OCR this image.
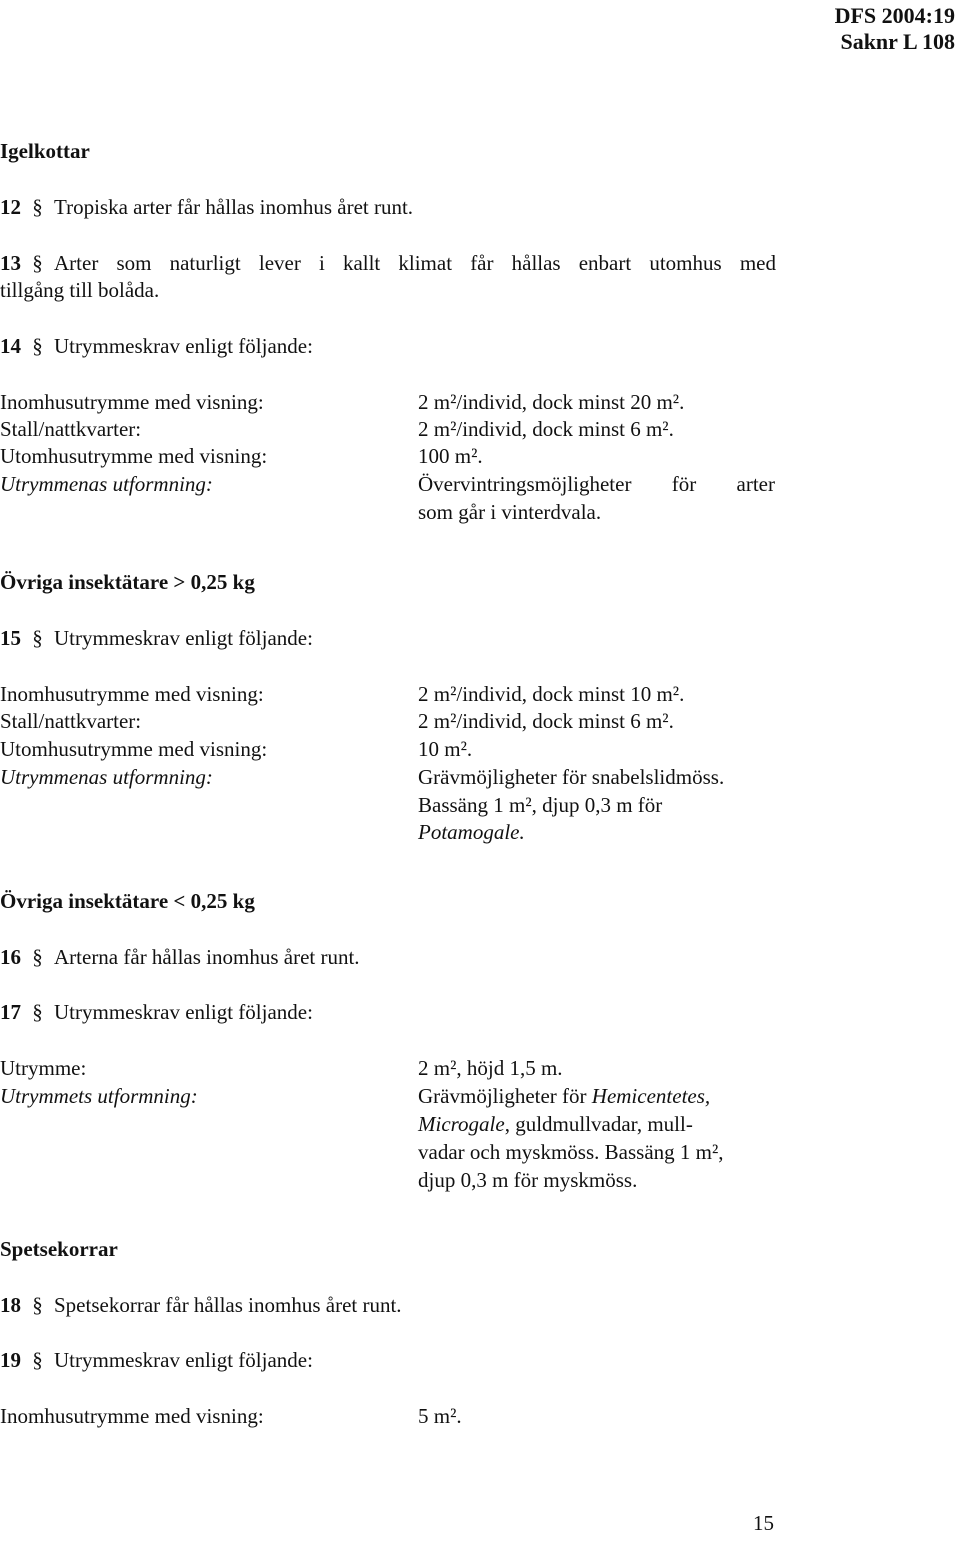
DFS 2004:19
Saknr L 108
Igelkottar
12 § Tropiska arter får hållas inomhus året runt.
13 § Arter som naturligt lever i kallt klimat får hållas enbart utomhus med
tillgång till bolåda.
14 § Utrymmeskrav enligt följande:
Inomhusutrymme med visning:	2 m²/individ, dock minst 20 m².
Stall/nattkvarter:	2 m²/individ, dock minst 6 m².
Utomhusutrymme med visning:	100 m².
Utrymmenas utformning:	Övervintringsmöjligheter för arter
som går i vinterdvala.
Övriga insektätare > 0,25 kg
15 § Utrymmeskrav enligt följande:
Inomhusutrymme med visning:	2 m²/individ, dock minst 10 m².
Stall/nattkvarter:	2 m²/individ, dock minst 6 m².
Utomhusutrymme med visning:	10 m².
Utrymmenas utformning:	Grävmöjligheter för snabelslidmöss.
Bassäng 1 m², djup 0,3 m för
Potamogale.
Övriga insektätare < 0,25 kg
16 § Arterna får hållas inomhus året runt.
17 § Utrymmeskrav enligt följande:
Utrymme:	2 m², höjd 1,5 m.
Utrymmets utformning:	Grävmöjligheter för Hemicentetes,
Microgale, guldmullvadar, mull-
vadar och myskmöss. Bassäng 1 m²,
djup 0,3 m för myskmöss.
Spetsekorrar
18 § Spetsekorrar får hållas inomhus året runt.
19 § Utrymmeskrav enligt följande:
Inomhusutrymme med visning:	5 m².
15
